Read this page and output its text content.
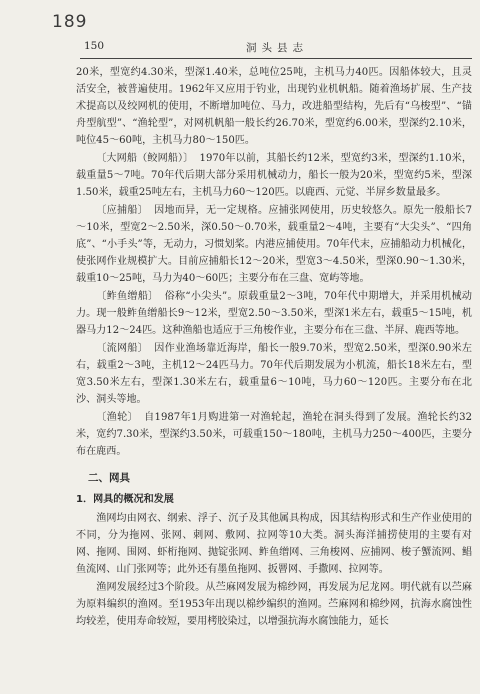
189
150	洞头县志

20米，型宽约4.30米，型深1.40米，总吨位25吨，主机马力40匹。因船体较大，且灵活安全，被普遍使用。1962年又应用于钓业，出现钓业机帆船。随着渔场扩展、生产技术提高以及绞网机的使用，不断增加吨位、马力，改进船型结构，先后有“乌梭型”、“锚舟型航型”、“渔轮型”，对网机帆船一般长约26.70米，型宽约6.00米，型深约2.10米，吨位45～60吨，主机马力80～150匹。

〔大网船（鲛网船）〕 1970年以前，其船长约12米，型宽约3米，型深约1.10米，载重量5～7吨。70年代后期大部分采用机械动力，船长一般为20米，型宽约5米，型深1.50米，载重25吨左右，主机马力60～120匹。以鹿西、元觉、半屏乡数量最多。

〔应捕船〕 因地而异，无一定规格。应捕张网使用，历史较悠久。原先一般船长7～10米，型宽2～2.50米，深0.50～0.70米，载重量2～4吨，主要有“大尖头”、“四角底”、“小手头”等，无动力，习惯划桨。内港应捕使用。70年代末，应捕船动力机械化，使张网作业规模扩大。目前应捕船长12～20米，型宽3～4.50米，型深0.90～1.30米，载重10～25吨，马力为40～60匹；主要分布在三盘、宽屿等地。

〔鲊鱼缯船〕 俗称“小尖头”。原载重量2～3吨，70年代中期增大，并采用机械动力。现一般鲊鱼缯船长9～12米，型宽2.50～3.50米，型深1米左右，载重5～15吨，机器马力12～24匹。这种渔船也适应于三角梭作业，主要分布在三盘、半屏、鹿西等地。

〔流网船〕 因作业渔场靠近海岸，船长一般9.70米，型宽2.50米，型深0.90米左右，载重2～3吨，主机12～24匹马力。70年代后期发展为小机流，船长18米左右，型宽3.50米左右，型深1.30米左右，载重量6～10吨，马力60～120匹。主要分布在北沙、洞头等地。

〔渔轮〕 自1987年1月购进第一对渔轮起，渔轮在洞头得到了发展。渔轮长约32米，宽约7.30米，型深约3.50米，可载重150～180吨，主机马力250～400匹，主要分布在鹿西。

二、网具
1．网具的概况和发展

渔网均由网衣、纲索、浮子、沉子及其他属具构成，因其结构形式和生产作业使用的不同，分为拖网、张网、刺网、敷网、拉网等10大类。洞头海洋捕捞使用的主要有对网、拖网、围网、虾桁拖网、抛锭张网、鲊鱼缯网、三角梭网、应捕网、梭子蟹流网、鲳鱼流网、山门张网等；此外还有墨鱼拖网、扳罾网、手撒网、拉网等。

渔网发展经过3个阶段。从苎麻网发展为棉纱网，再发展为尼龙网。明代就有以苎麻为原料编织的渔网。至1953年出现以棉纱编织的渔网。苎麻网和棉纱网，抗海水腐蚀性均较差，使用寿命较短，要用栲胶染过，以增强抗海水腐蚀能力，延长
